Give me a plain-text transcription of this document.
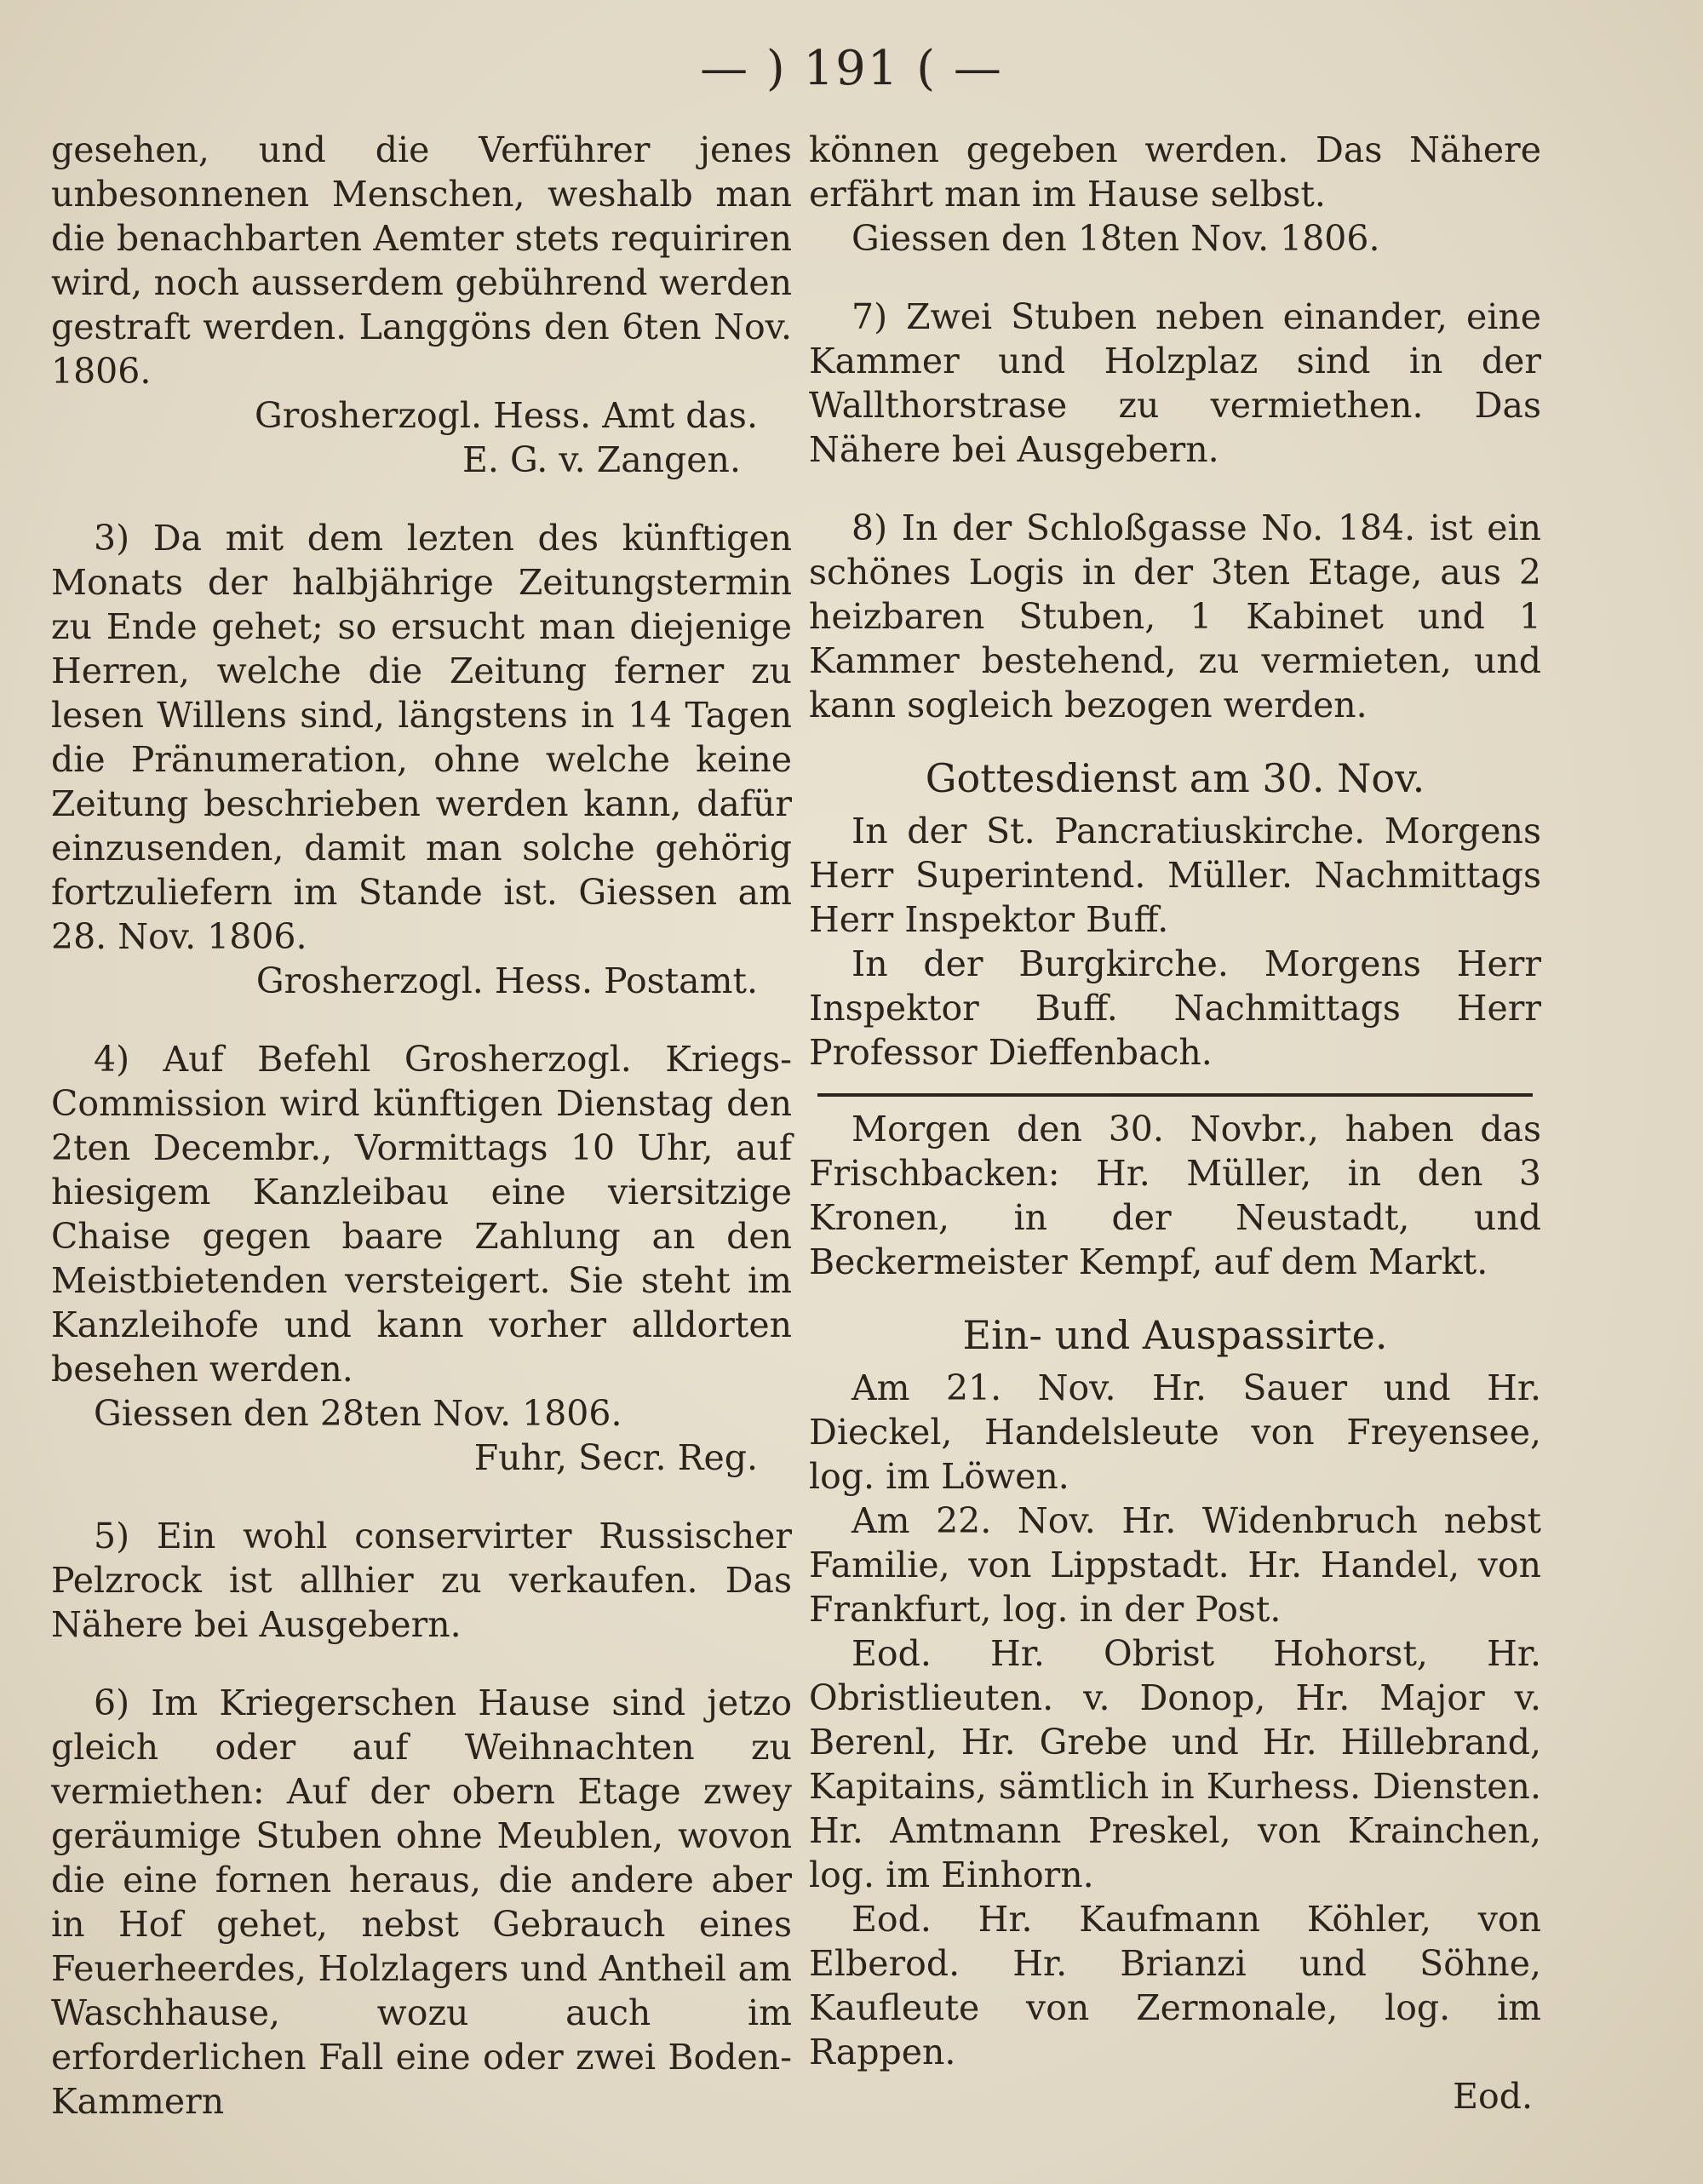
— ) 191 ( —

gesehen, und die Verführer jenes unbesonnenen Menschen, weshalb man die benachbarten Aemter stets requiriren wird, noch ausserdem gebührend werden gestraft werden. Langgöns den 6ten Nov. 1806.

Grosherzogl. Hess. Amt das.

E. G. v. Zangen.

3) Da mit dem lezten des künftigen Monats der halbjährige Zeitungstermin zu Ende gehet; so ersucht man diejenige Herren, welche die Zeitung ferner zu lesen Willens sind, längstens in 14 Tagen die Pränumeration, ohne welche keine Zeitung beschrieben werden kann, dafür einzusenden, damit man solche gehörig fortzuliefern im Stande ist. Giessen am 28. Nov. 1806.

Grosherzogl. Hess. Postamt.

4) Auf Befehl Grosherzogl. Kriegs-Commission wird künftigen Dienstag den 2ten Decembr., Vormittags 10 Uhr, auf hiesigem Kanzleibau eine viersitzige Chaise gegen baare Zahlung an den Meistbietenden versteigert. Sie steht im Kanzleihofe und kann vorher alldorten besehen werden.

Giessen den 28ten Nov. 1806.

Fuhr, Secr. Reg.

5) Ein wohl conservirter Russischer Pelzrock ist allhier zu verkaufen. Das Nähere bei Ausgebern.

6) Im Kriegerschen Hause sind jetzo gleich oder auf Weihnachten zu vermiethen: Auf der obern Etage zwey geräumige Stuben ohne Meublen, wovon die eine fornen heraus, die andere aber in Hof gehet, nebst Gebrauch eines Feuerheerdes, Holzlagers und Antheil am Waschhause, wozu auch im erforderlichen Fall eine oder zwei Boden-Kammern

können gegeben werden. Das Nähere erfährt man im Hause selbst.

Giessen den 18ten Nov. 1806.

7) Zwei Stuben neben einander, eine Kammer und Holzplaz sind in der Wallthorstrase zu vermiethen. Das Nähere bei Ausgebern.

8) In der Schloßgasse No. 184. ist ein schönes Logis in der 3ten Etage, aus 2 heizbaren Stuben, 1 Kabinet und 1 Kammer bestehend, zu vermieten, und kann sogleich bezogen werden.

Gottesdienst am 30. Nov.

In der St. Pancratiuskirche. Morgens Herr Superintend. Müller. Nachmittags Herr Inspektor Buff.

In der Burgkirche. Morgens Herr Inspektor Buff. Nachmittags Herr Professor Dieffenbach.

Morgen den 30. Novbr., haben das Frischbacken: Hr. Müller, in den 3 Kronen, in der Neustadt, und Beckermeister Kempf, auf dem Markt.

Ein- und Auspassirte.

Am 21. Nov. Hr. Sauer und Hr. Dieckel, Handelsleute von Freyensee, log. im Löwen.

Am 22. Nov. Hr. Widenbruch nebst Familie, von Lippstadt. Hr. Handel, von Frankfurt, log. in der Post.

Eod. Hr. Obrist Hohorst, Hr. Obristlieuten. v. Donop, Hr. Major v. Berenl, Hr. Grebe und Hr. Hillebrand, Kapitains, sämtlich in Kurhess. Diensten. Hr. Amtmann Preskel, von Krainchen, log. im Einhorn.

Eod. Hr. Kaufmann Köhler, von Elberod. Hr. Brianzi und Söhne, Kaufleute von Zermonale, log. im Rappen.

Eod.
